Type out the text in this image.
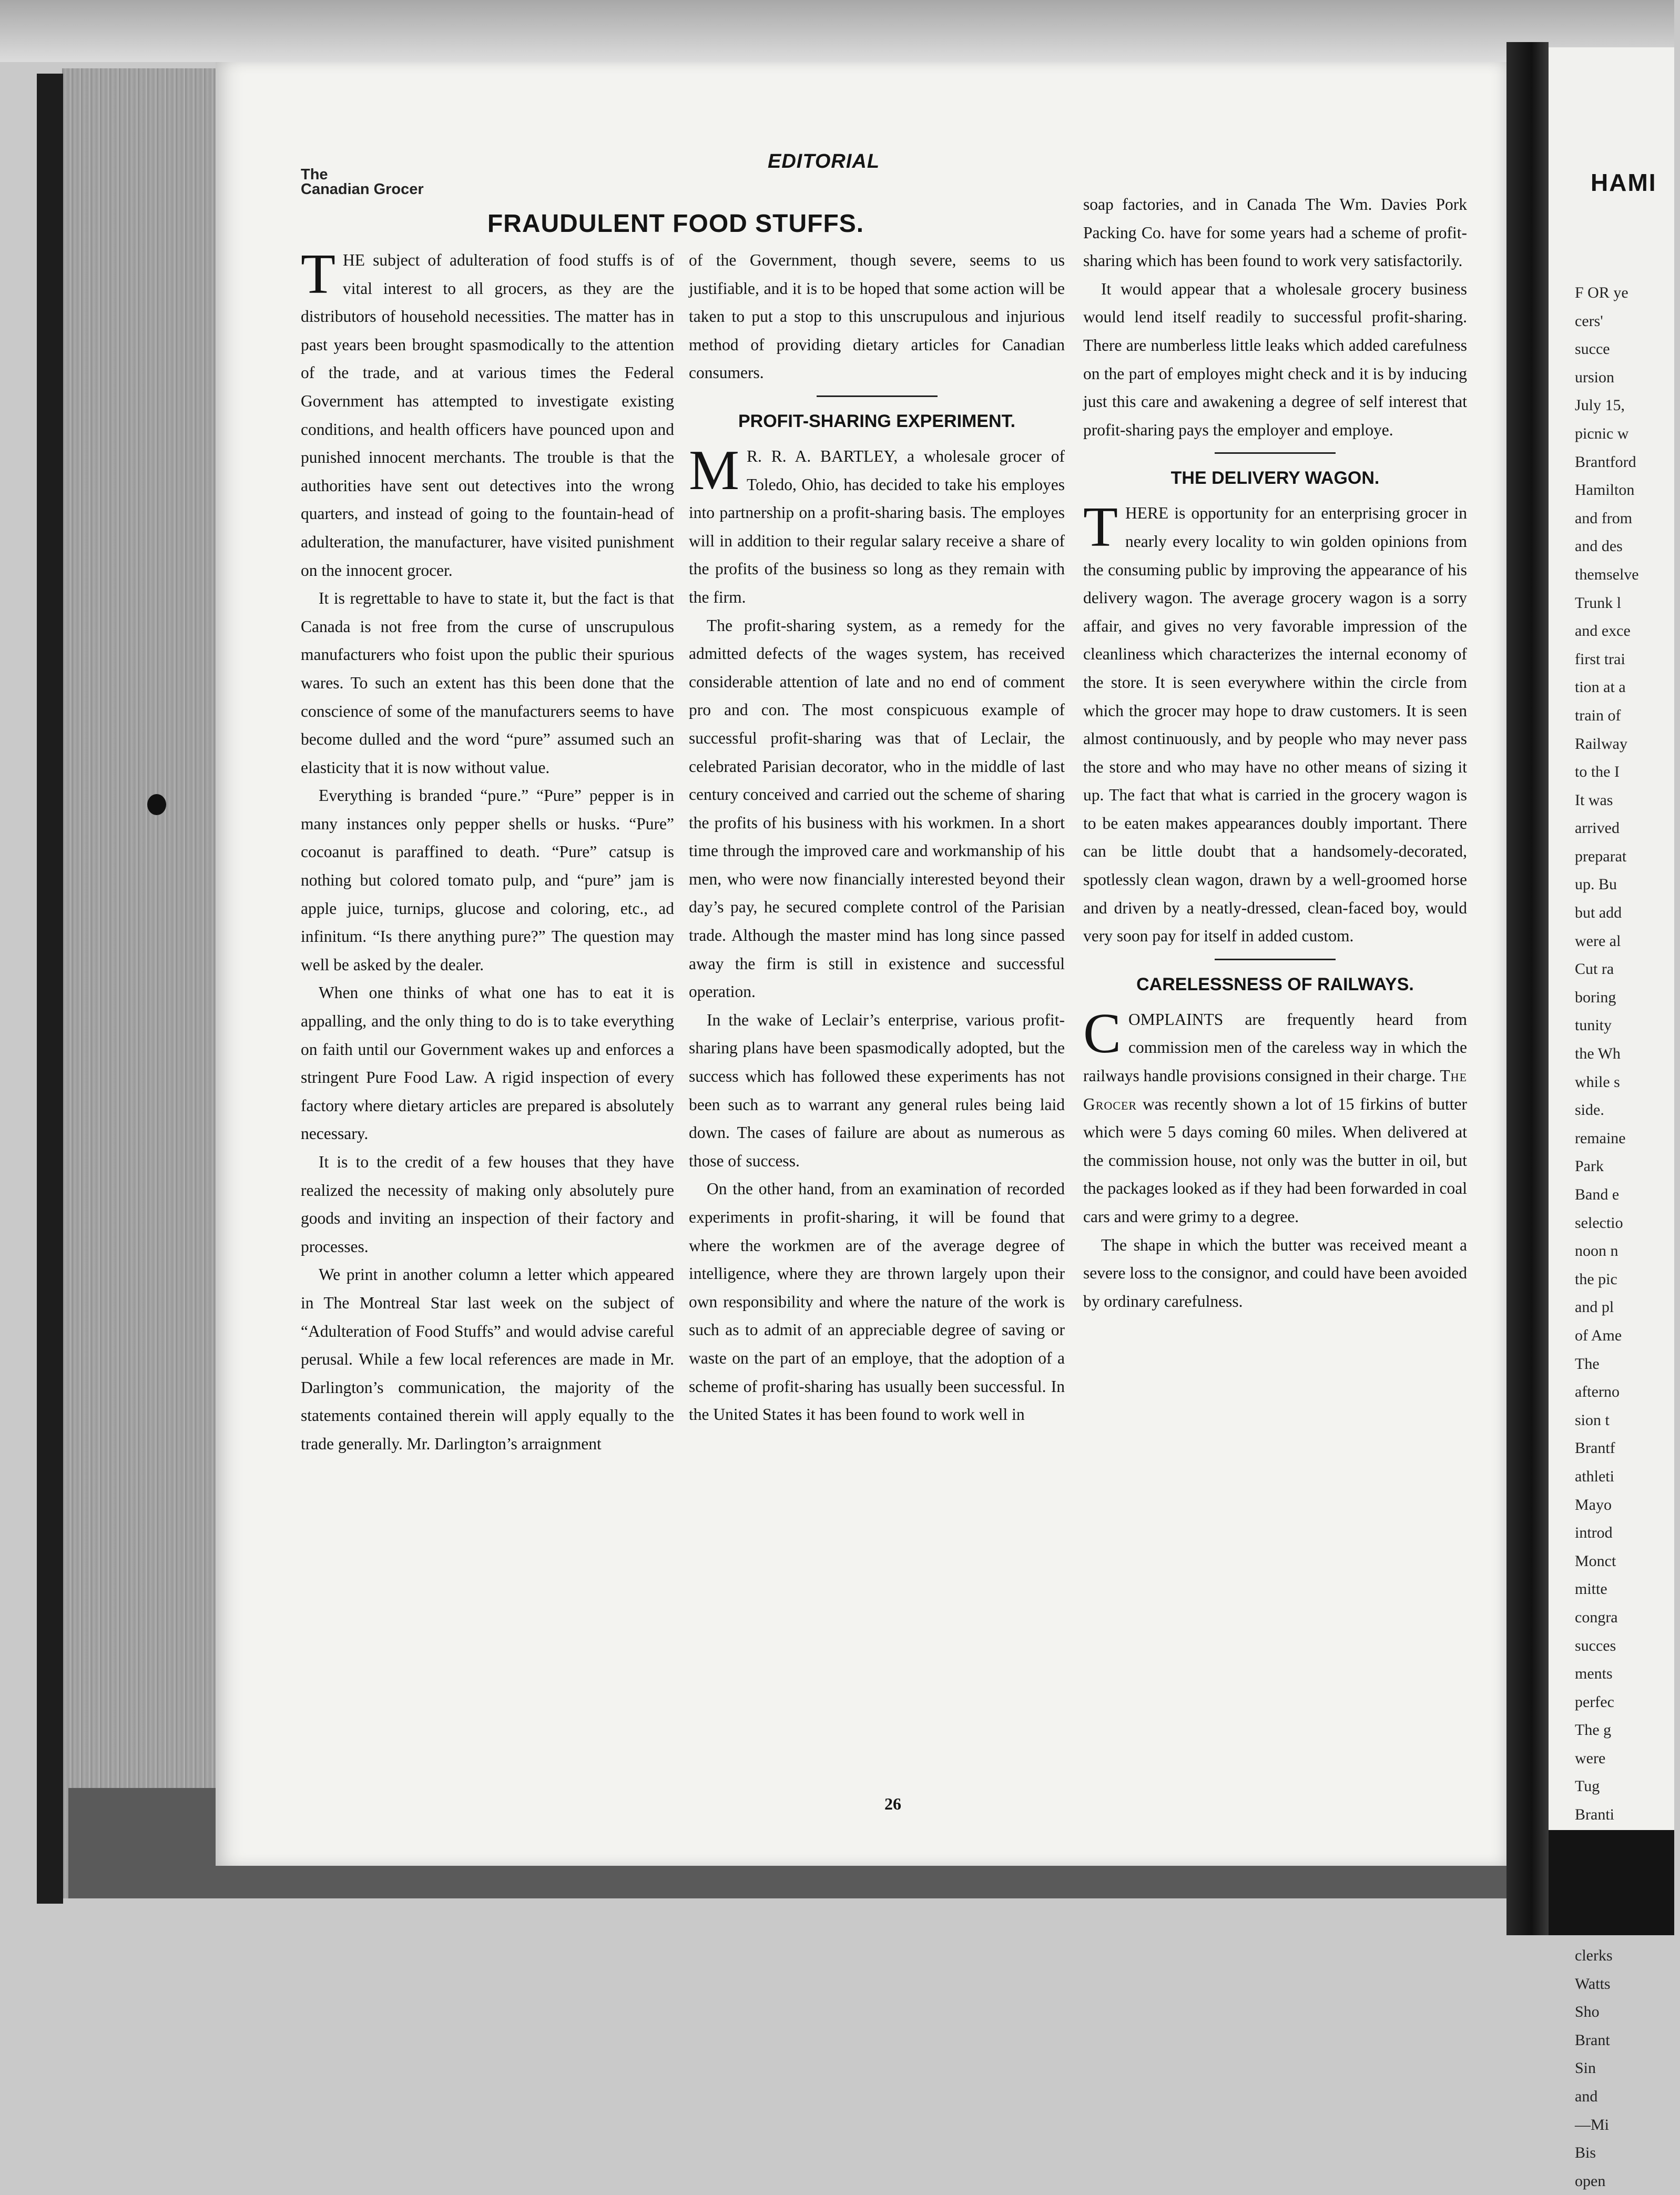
The
Canadian Grocer
EDITORIAL
FRAUDULENT FOOD STUFFS.

THE subject of adulteration of food stuffs is of vital interest to all grocers, as they are the distributors of household necessities. The matter has in past years been brought spasmodically to the attention of the trade, and at various times the Federal Government has attempted to investigate existing conditions, and health officers have pounced upon and punished innocent merchants. The trouble is that the authorities have sent out detectives into the wrong quarters, and instead of going to the fountain-head of adulteration, the manufacturer, have visited punishment on the innocent grocer.

It is regrettable to have to state it, but the fact is that Canada is not free from the curse of unscrupulous manufacturers who foist upon the public their spurious wares. To such an extent has this been done that the conscience of some of the manufacturers seems to have become dulled and the word “pure” assumed such an elasticity that it is now without value.

Everything is branded “pure.” “Pure” pepper is in many instances only pepper shells or husks. “Pure” cocoanut is paraffined to death. “Pure” catsup is nothing but colored tomato pulp, and “pure” jam is apple juice, turnips, glucose and coloring, etc., ad infinitum. “Is there anything pure?” The question may well be asked by the dealer.

When one thinks of what one has to eat it is appalling, and the only thing to do is to take everything on faith until our Government wakes up and enforces a stringent Pure Food Law. A rigid inspection of every factory where dietary articles are prepared is absolutely necessary.

It is to the credit of a few houses that they have realized the necessity of making only absolutely pure goods and inviting an inspection of their factory and processes.

We print in another column a letter which appeared in The Montreal Star last week on the subject of “Adulteration of Food Stuffs” and would advise careful perusal. While a few local references are made in Mr. Darlington’s communication, the majority of the statements contained therein will apply equally to the trade generally. Mr. Darlington’s arraignment

of the Government, though severe, seems to us justifiable, and it is to be hoped that some action will be taken to put a stop to this unscrupulous and injurious method of providing dietary articles for Canadian consumers.

PROFIT-SHARING EXPERIMENT.

M R. R. A. BARTLEY, a wholesale grocer of Toledo, Ohio, has decided to take his employes into partnership on a profit-sharing basis. The employes will in addition to their regular salary receive a share of the profits of the business so long as they remain with the firm.

The profit-sharing system, as a remedy for the admitted defects of the wages system, has received considerable attention of late and no end of comment pro and con. The most conspicuous example of successful profit-sharing was that of Leclair, the celebrated Parisian decorator, who in the middle of last century conceived and carried out the scheme of sharing the profits of his business with his workmen. In a short time through the improved care and workmanship of his men, who were now financially interested beyond their day’s pay, he secured complete control of the Parisian trade. Although the master mind has long since passed away the firm is still in existence and successful operation.

In the wake of Leclair’s enterprise, various profit-sharing plans have been spasmodically adopted, but the success which has followed these experiments has not been such as to warrant any general rules being laid down. The cases of failure are about as numerous as those of success.

On the other hand, from an examination of recorded experiments in profit-sharing, it will be found that where the workmen are of the average degree of intelligence, where they are thrown largely upon their own responsibility and where the nature of the work is such as to admit of an appreciable degree of saving or waste on the part of an employe, that the adoption of a scheme of profit-sharing has usually been successful. In the United States it has been found to work well in

soap factories, and in Canada The Wm. Davies Pork Packing Co. have for some years had a scheme of profit-sharing which has been found to work very satisfactorily.

It would appear that a wholesale grocery business would lend itself readily to successful profit-sharing. There are numberless little leaks which added carefulness on the part of employes might check and it is by inducing just this care and awakening a degree of self interest that profit-sharing pays the employer and employe.

THE DELIVERY WAGON.

THERE is opportunity for an enterprising grocer in nearly every locality to win golden opinions from the consuming public by improving the appearance of his delivery wagon. The average grocery wagon is a sorry affair, and gives no very favorable impression of the cleanliness which characterizes the internal economy of the store. It is seen everywhere within the circle from which the grocer may hope to draw customers. It is seen almost continuously, and by people who may never pass the store and who may have no other means of sizing it up. The fact that what is carried in the grocery wagon is to be eaten makes appearances doubly important. There can be little doubt that a handsomely-decorated, spotlessly clean wagon, drawn by a well-groomed horse and driven by a neatly-dressed, clean-faced boy, would very soon pay for itself in added custom.

CARELESSNESS OF RAILWAYS.

COMPLAINTS are frequently heard from commission men of the careless way in which the railways handle provisions consigned in their charge. The Grocer was recently shown a lot of 15 firkins of butter which were 5 days coming 60 miles. When delivered at the commission house, not only was the butter in oil, but the packages looked as if they had been forwarded in coal cars and were grimy to a degree.

The shape in which the butter was received meant a severe loss to the consignor, and could have been avoided by ordinary carefulness.

26
HAMI
F OR ye
cers'
succe
ursion
July 15,
picnic w
Brantford
Hamilton
and from
and des
themselve
Trunk l
and exce
first trai
tion at a
train of
Railway
to the I
It was
arrived
preparat
up. Bu
but add
were al
Cut ra
boring
tunity
the Wh
while s
side.
remaine
Park
Band e
selectio
noon n
the pic
and pl
of Ame
The
afterno
sion t
Brantf
athleti
Mayo
introd
Monct
mitte
congra
succes
ments
perfec
The g
were
Tug
Branti
clerks
Watts
Sho
Brant
Sin
and
—Mi
Bis
open
